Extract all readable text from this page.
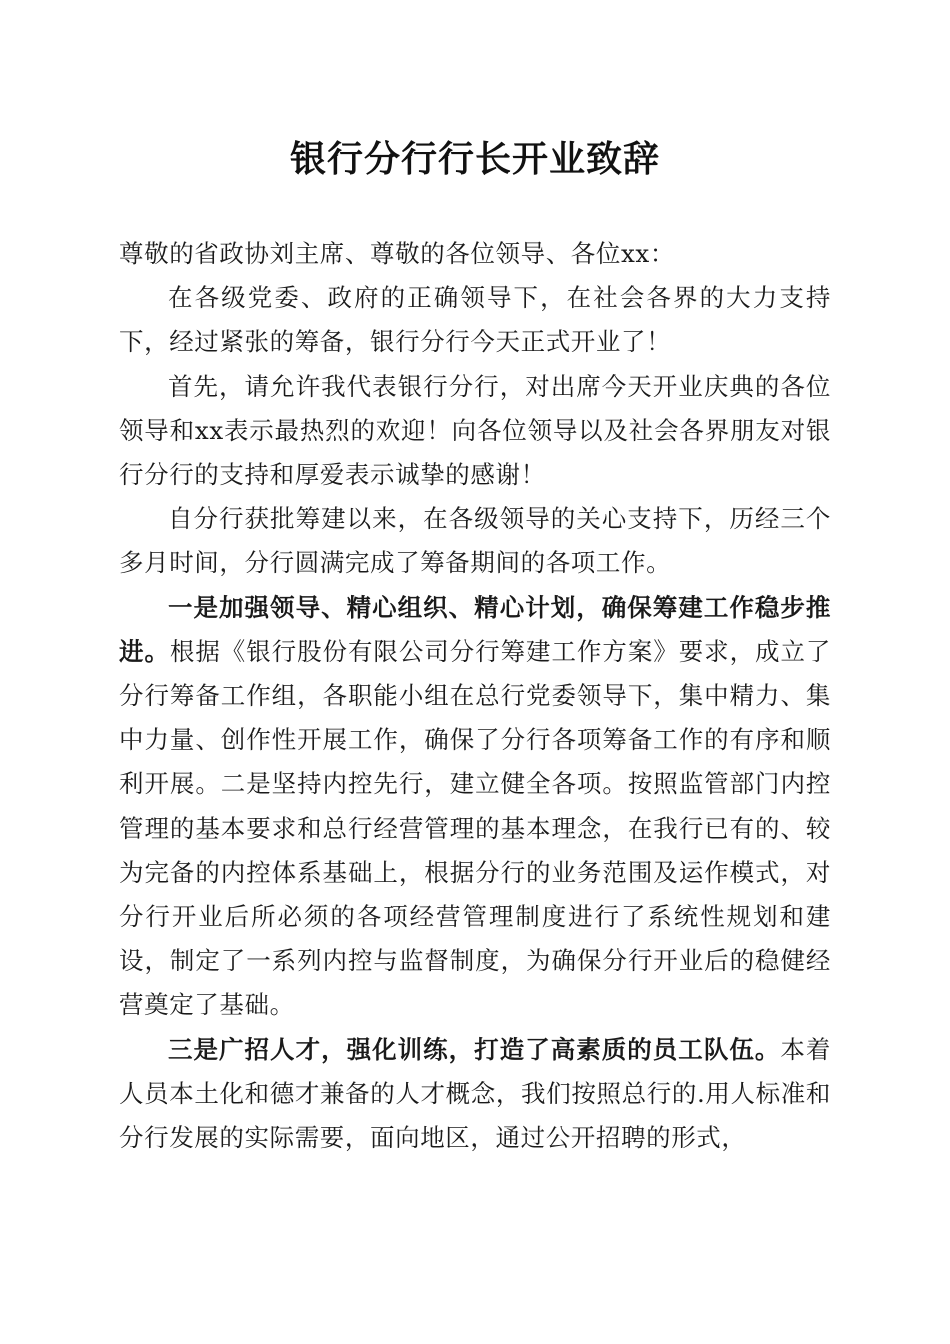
银行分行行长开业致辞

尊敬的省政协刘主席、尊敬的各位领导、各位xx：

在各级党委、政府的正确领导下，在社会各界的大力支持下，经过紧张的筹备，银行分行今天正式开业了！

首先，请允许我代表银行分行，对出席今天开业庆典的各位领导和xx表示最热烈的欢迎！向各位领导以及社会各界朋友对银行分行的支持和厚爱表示诚挚的感谢！

自分行获批筹建以来，在各级领导的关心支持下，历经三个多月时间，分行圆满完成了筹备期间的各项工作。

一是加强领导、精心组织、精心计划，确保筹建工作稳步推进。根据《银行股份有限公司分行筹建工作方案》要求，成立了分行筹备工作组，各职能小组在总行党委领导下，集中精力、集中力量、创作性开展工作，确保了分行各项筹备工作的有序和顺利开展。二是坚持内控先行，建立健全各项。按照监管部门内控管理的基本要求和总行经营管理的基本理念，在我行已有的、较为完备的内控体系基础上，根据分行的业务范围及运作模式，对分行开业后所必须的各项经营管理制度进行了系统性规划和建设，制定了一系列内控与监督制度，为确保分行开业后的稳健经营奠定了基础。

三是广招人才，强化训练，打造了高素质的员工队伍。本着人员本土化和德才兼备的人才概念，我们按照总行的.用人标准和分行发展的实际需要，面向地区，通过公开招聘的形式，
